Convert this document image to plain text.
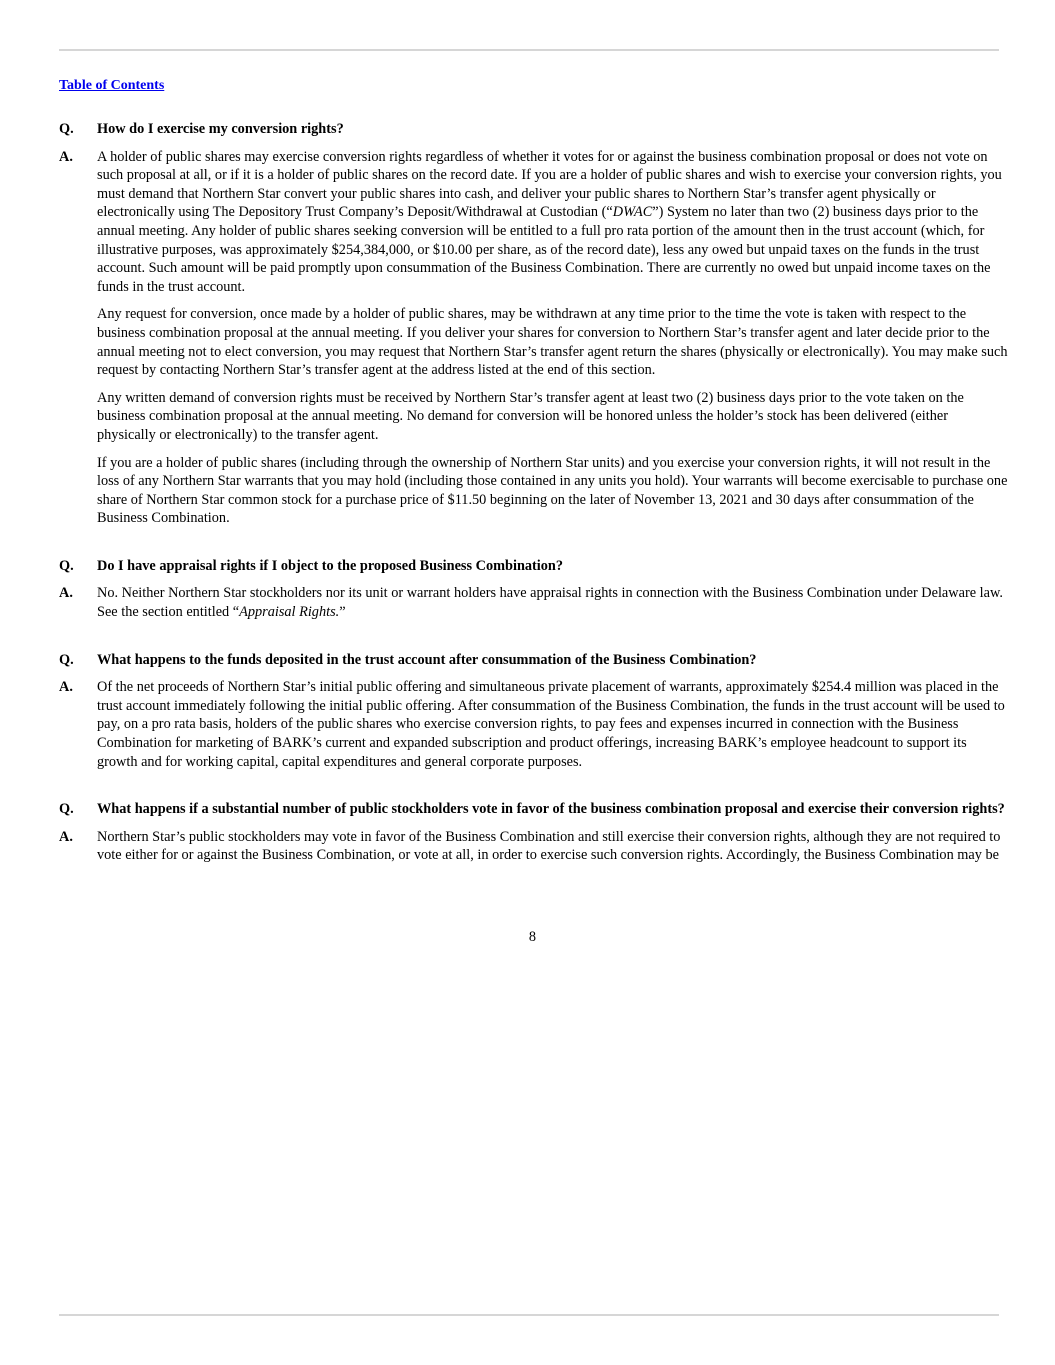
Table of Contents
Q.	How do I exercise my conversion rights?
A.	A holder of public shares may exercise conversion rights regardless of whether it votes for or against the business combination proposal or does not vote on such proposal at all, or if it is a holder of public shares on the record date. If you are a holder of public shares and wish to exercise your conversion rights, you must demand that Northern Star convert your public shares into cash, and deliver your public shares to Northern Star’s transfer agent physically or electronically using The Depository Trust Company’s Deposit/Withdrawal at Custodian (“DWAC”) System no later than two (2) business days prior to the annual meeting. Any holder of public shares seeking conversion will be entitled to a full pro rata portion of the amount then in the trust account (which, for illustrative purposes, was approximately $254,384,000, or $10.00 per share, as of the record date), less any owed but unpaid taxes on the funds in the trust account. Such amount will be paid promptly upon consummation of the Business Combination. There are currently no owed but unpaid income taxes on the funds in the trust account.

Any request for conversion, once made by a holder of public shares, may be withdrawn at any time prior to the time the vote is taken with respect to the business combination proposal at the annual meeting. If you deliver your shares for conversion to Northern Star’s transfer agent and later decide prior to the annual meeting not to elect conversion, you may request that Northern Star’s transfer agent return the shares (physically or electronically). You may make such request by contacting Northern Star’s transfer agent at the address listed at the end of this section.

Any written demand of conversion rights must be received by Northern Star’s transfer agent at least two (2) business days prior to the vote taken on the business combination proposal at the annual meeting. No demand for conversion will be honored unless the holder’s stock has been delivered (either physically or electronically) to the transfer agent.

If you are a holder of public shares (including through the ownership of Northern Star units) and you exercise your conversion rights, it will not result in the loss of any Northern Star warrants that you may hold (including those contained in any units you hold). Your warrants will become exercisable to purchase one share of Northern Star common stock for a purchase price of $11.50 beginning on the later of November 13, 2021 and 30 days after consummation of the Business Combination.

Q.	Do I have appraisal rights if I object to the proposed Business Combination?
A.	No. Neither Northern Star stockholders nor its unit or warrant holders have appraisal rights in connection with the Business Combination under Delaware law. See the section entitled “Appraisal Rights.”
Q.	What happens to the funds deposited in the trust account after consummation of the Business Combination?
A.	Of the net proceeds of Northern Star’s initial public offering and simultaneous private placement of warrants, approximately $254.4 million was placed in the trust account immediately following the initial public offering. After consummation of the Business Combination, the funds in the trust account will be used to pay, on a pro rata basis, holders of the public shares who exercise conversion rights, to pay fees and expenses incurred in connection with the Business Combination for marketing of BARK’s current and expanded subscription and product offerings, increasing BARK’s employee headcount to support its growth and for working capital, capital expenditures and general corporate purposes.
Q.	What happens if a substantial number of public stockholders vote in favor of the business combination proposal and exercise their conversion rights?
A.	Northern Star’s public stockholders may vote in favor of the Business Combination and still exercise their conversion rights, although they are not required to vote either for or against the Business Combination, or vote at all, in order to exercise such conversion rights. Accordingly, the Business Combination may be
8
